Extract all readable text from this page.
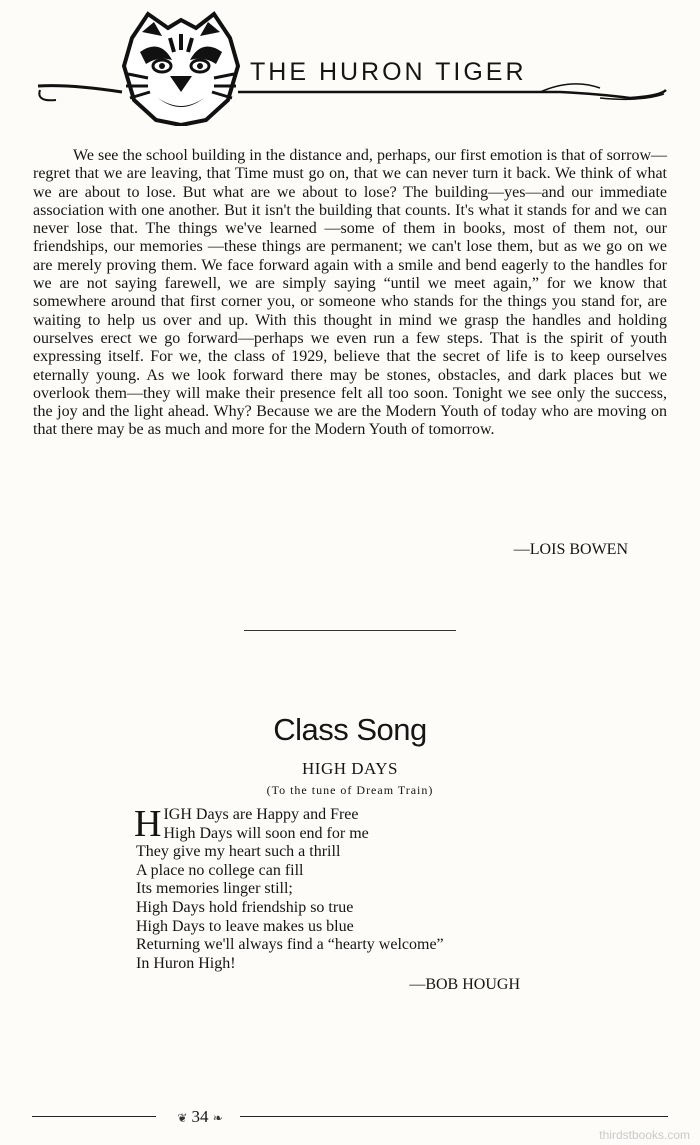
THE HURON TIGER

We see the school building in the distance and, perhaps, our first emotion is that of sorrow—regret that we are leaving, that Time must go on, that we can never turn it back. We think of what we are about to lose. But what are we about to lose? The building—yes—and our immediate association with one another. But it isn't the building that counts. It's what it stands for and we can never lose that. The things we've learned —some of them in books, most of them not, our friendships, our memories —these things are permanent; we can't lose them, but as we go on we are merely proving them. We face forward again with a smile and bend eagerly to the handles for we are not saying farewell, we are simply saying “until we meet again,” for we know that somewhere around that first corner you, or someone who stands for the things you stand for, are waiting to help us over and up. With this thought in mind we grasp the handles and holding ourselves erect we go forward—perhaps we even run a few steps. That is the spirit of youth expressing itself. For we, the class of 1929, believe that the secret of life is to keep ourselves eternally young. As we look forward there may be stones, obstacles, and dark places but we overlook them—they will make their presence felt all too soon. Tonight we see only the success, the joy and the light ahead. Why? Because we are the Modern Youth of today who are moving on that there may be as much and more for the Modern Youth of tomorrow.

—LOIS BOWEN
Class Song
HIGH DAYS
(To the tune of Dream Train)
H IGH Days are Happy and Free
High Days will soon end for me
They give my heart such a thrill
A place no college can fill
Its memories linger still;
High Days hold friendship so true
High Days to leave makes us blue
Returning we'll always find a “hearty welcome”
In Huron High!
—BOB HOUGH
❦ 34 ❧
thirdstbooks.com
